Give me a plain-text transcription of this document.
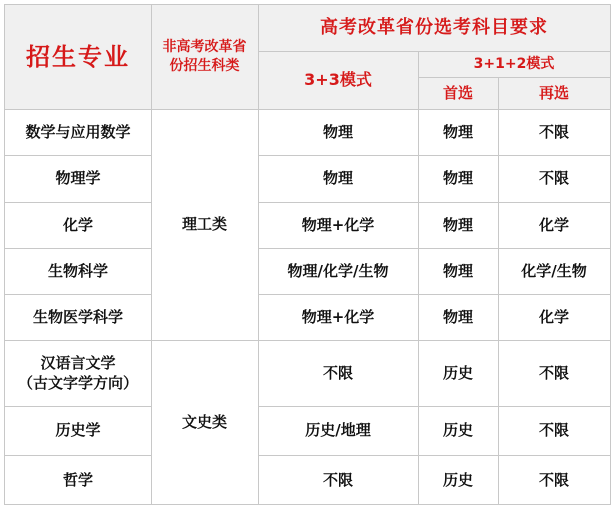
招生专业	非高考改革省
份招生科类
高考改革省份选考科目要求
3+3模式
3+1+2模式
首选	再选
理工类
文史类
数学与应用数学	物理	物理	不限
物理学	物理	物理	不限
化学	物理+化学	物理	化学
生物科学	物理/化学/生物	物理	化学/生物
生物医学科学	物理+化学	物理	化学
汉语言文学
（古文字学方向）
不限	历史	不限
历史学	历史/地理	历史	不限
哲学	不限	历史	不限
